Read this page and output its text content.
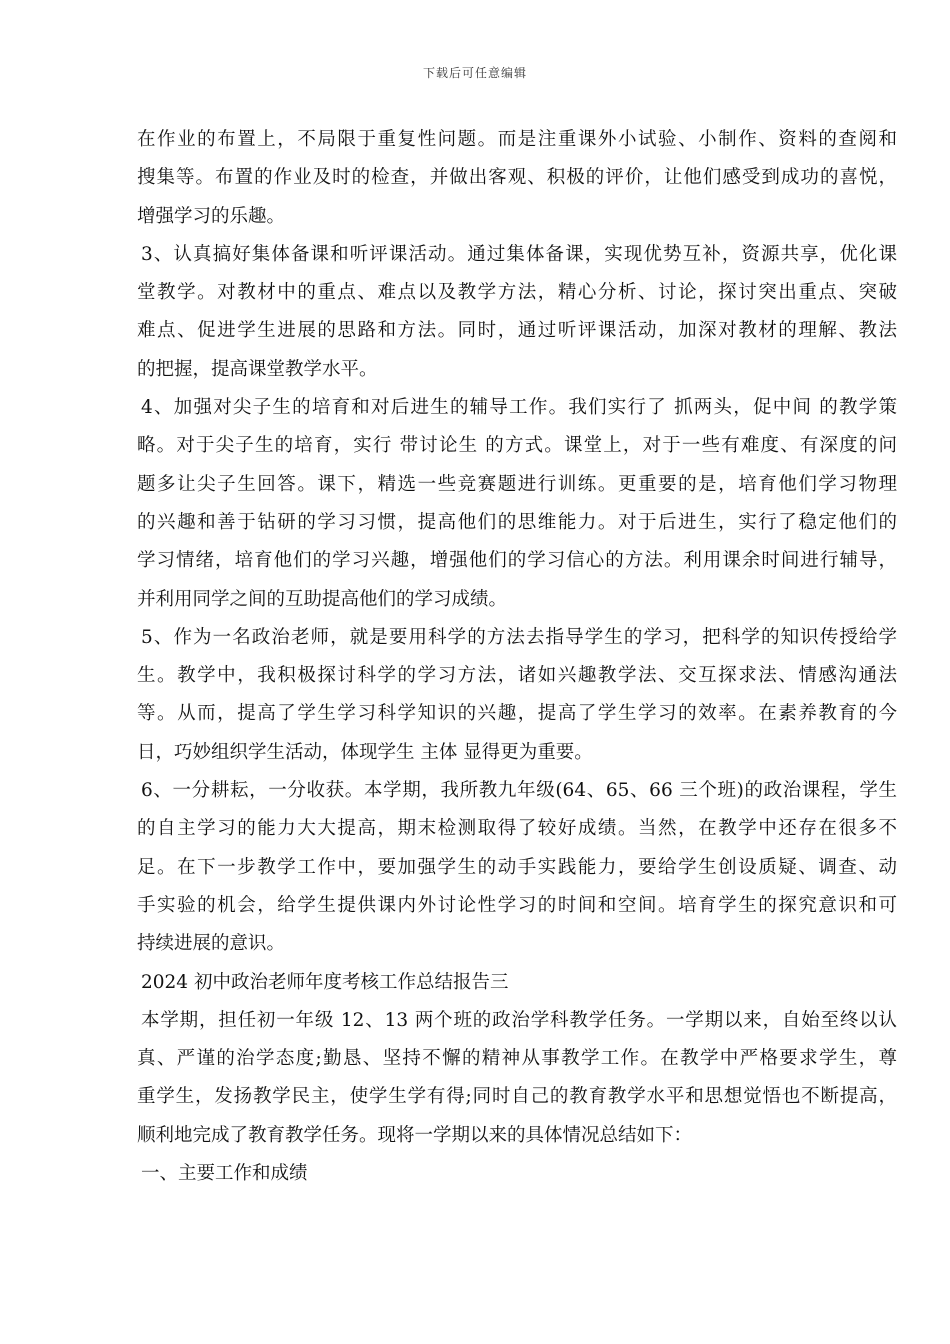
下载后可任意编辑
在作业的布置上，不局限于重复性问题。而是注重课外小试验、小制作、资料的查阅和
搜集等。布置的作业及时的检查，并做出客观、积极的评价，让他们感受到成功的喜悦，
增强学习的乐趣。
3、认真搞好集体备课和听评课活动。通过集体备课，实现优势互补，资源共享，优化课
堂教学。对教材中的重点、难点以及教学方法，精心分析、讨论，探讨突出重点、突破
难点、促进学生进展的思路和方法。同时，通过听评课活动，加深对教材的理解、教法
的把握，提高课堂教学水平。
4、加强对尖子生的培育和对后进生的辅导工作。我们实行了 抓两头，促中间 的教学策
略。对于尖子生的培育，实行 带讨论生 的方式。课堂上，对于一些有难度、有深度的问
题多让尖子生回答。课下，精选一些竞赛题进行训练。更重要的是，培育他们学习物理
的兴趣和善于钻研的学习习惯，提高他们的思维能力。对于后进生，实行了稳定他们的
学习情绪，培育他们的学习兴趣，增强他们的学习信心的方法。利用课余时间进行辅导，
并利用同学之间的互助提高他们的学习成绩。
5、作为一名政治老师，就是要用科学的方法去指导学生的学习，把科学的知识传授给学
生。教学中，我积极探讨科学的学习方法，诸如兴趣教学法、交互探求法、情感沟通法
等。从而，提高了学生学习科学知识的兴趣，提高了学生学习的效率。在素养教育的今
日，巧妙组织学生活动，体现学生 主体 显得更为重要。
6、一分耕耘，一分收获。本学期，我所教九年级(64、65、66 三个班)的政治课程，学生
的自主学习的能力大大提高，期末检测取得了较好成绩。当然，在教学中还存在很多不
足。在下一步教学工作中，要加强学生的动手实践能力，要给学生创设质疑、调查、动
手实验的机会，给学生提供课内外讨论性学习的时间和空间。培育学生的探究意识和可
持续进展的意识。
2024 初中政治老师年度考核工作总结报告三
本学期，担任初一年级 12、13 两个班的政治学科教学任务。一学期以来，自始至终以认
真、严谨的治学态度;勤恳、坚持不懈的精神从事教学工作。在教学中严格要求学生，尊
重学生，发扬教学民主，使学生学有得;同时自己的教育教学水平和思想觉悟也不断提高，
顺利地完成了教育教学任务。现将一学期以来的具体情况总结如下：
一、主要工作和成绩
